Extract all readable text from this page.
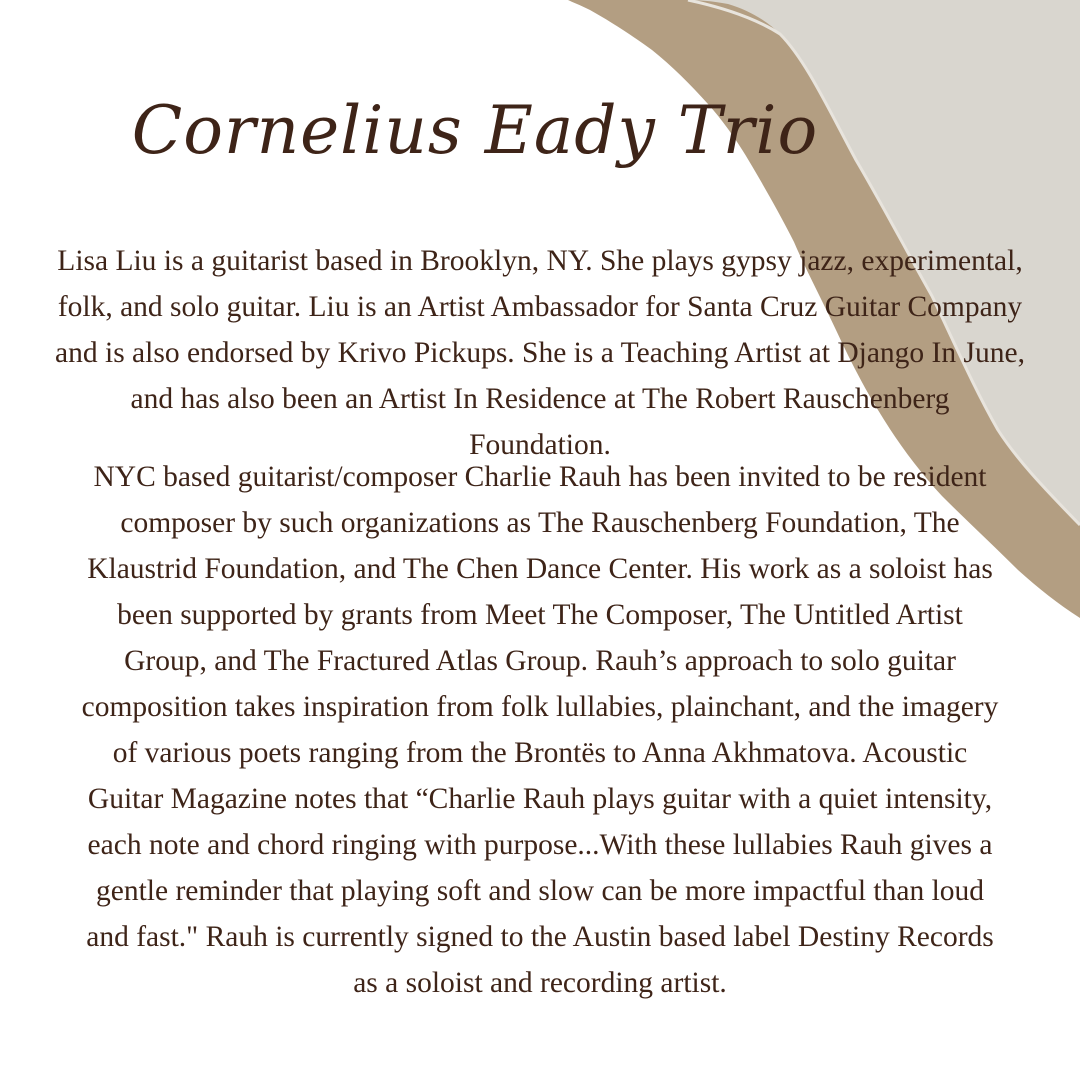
Cornelius Eady Trio

Lisa Liu is a guitarist based in Brooklyn, NY. She plays gypsy jazz, experimental,
folk, and solo guitar. Liu is an Artist Ambassador for Santa Cruz Guitar Company
and is also endorsed by Krivo Pickups. She is a Teaching Artist at Django In June,
and has also been an Artist In Residence at The Robert Rauschenberg
Foundation.

NYC based guitarist/composer Charlie Rauh has been invited to be resident
composer by such organizations as The Rauschenberg Foundation, The
Klaustrid Foundation, and The Chen Dance Center. His work as a soloist has
been supported by grants from Meet The Composer, The Untitled Artist
Group, and The Fractured Atlas Group. Rauh’s approach to solo guitar
composition takes inspiration from folk lullabies, plainchant, and the imagery
of various poets ranging from the Brontës to Anna Akhmatova. Acoustic
Guitar Magazine notes that “Charlie Rauh plays guitar with a quiet intensity,
each note and chord ringing with purpose...With these lullabies Rauh gives a
gentle reminder that playing soft and slow can be more impactful than loud
and fast." Rauh is currently signed to the Austin based label Destiny Records
as a soloist and recording artist.
